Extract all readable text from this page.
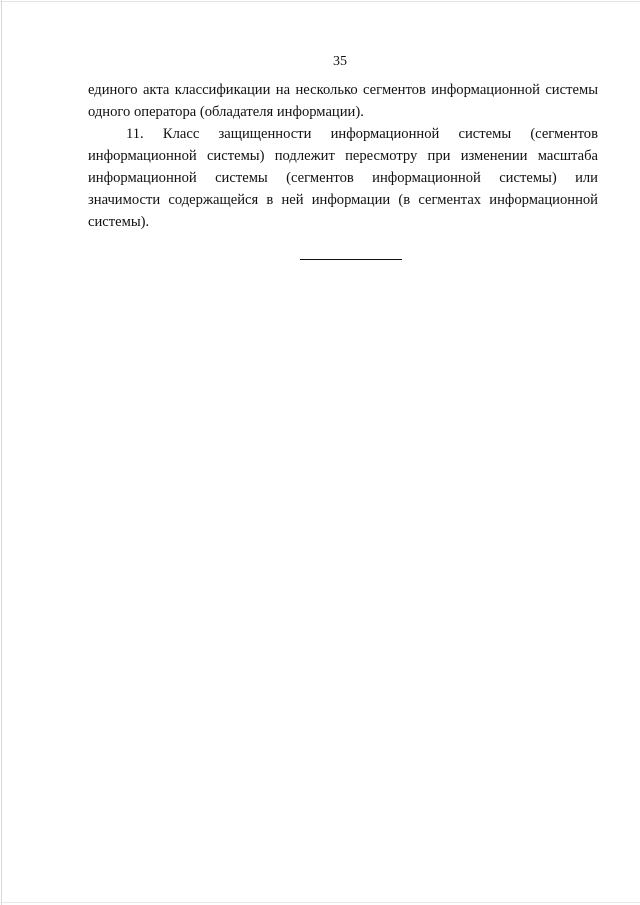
35

единого акта классификации на несколько сегментов информационной системы одного оператора (обладателя информации).

11. Класс защищенности информационной системы (сегментов информационной системы) подлежит пересмотру при изменении масштаба информационной системы (сегментов информационной системы) или значимости содержащейся в ней информации (в сегментах информационной системы).
